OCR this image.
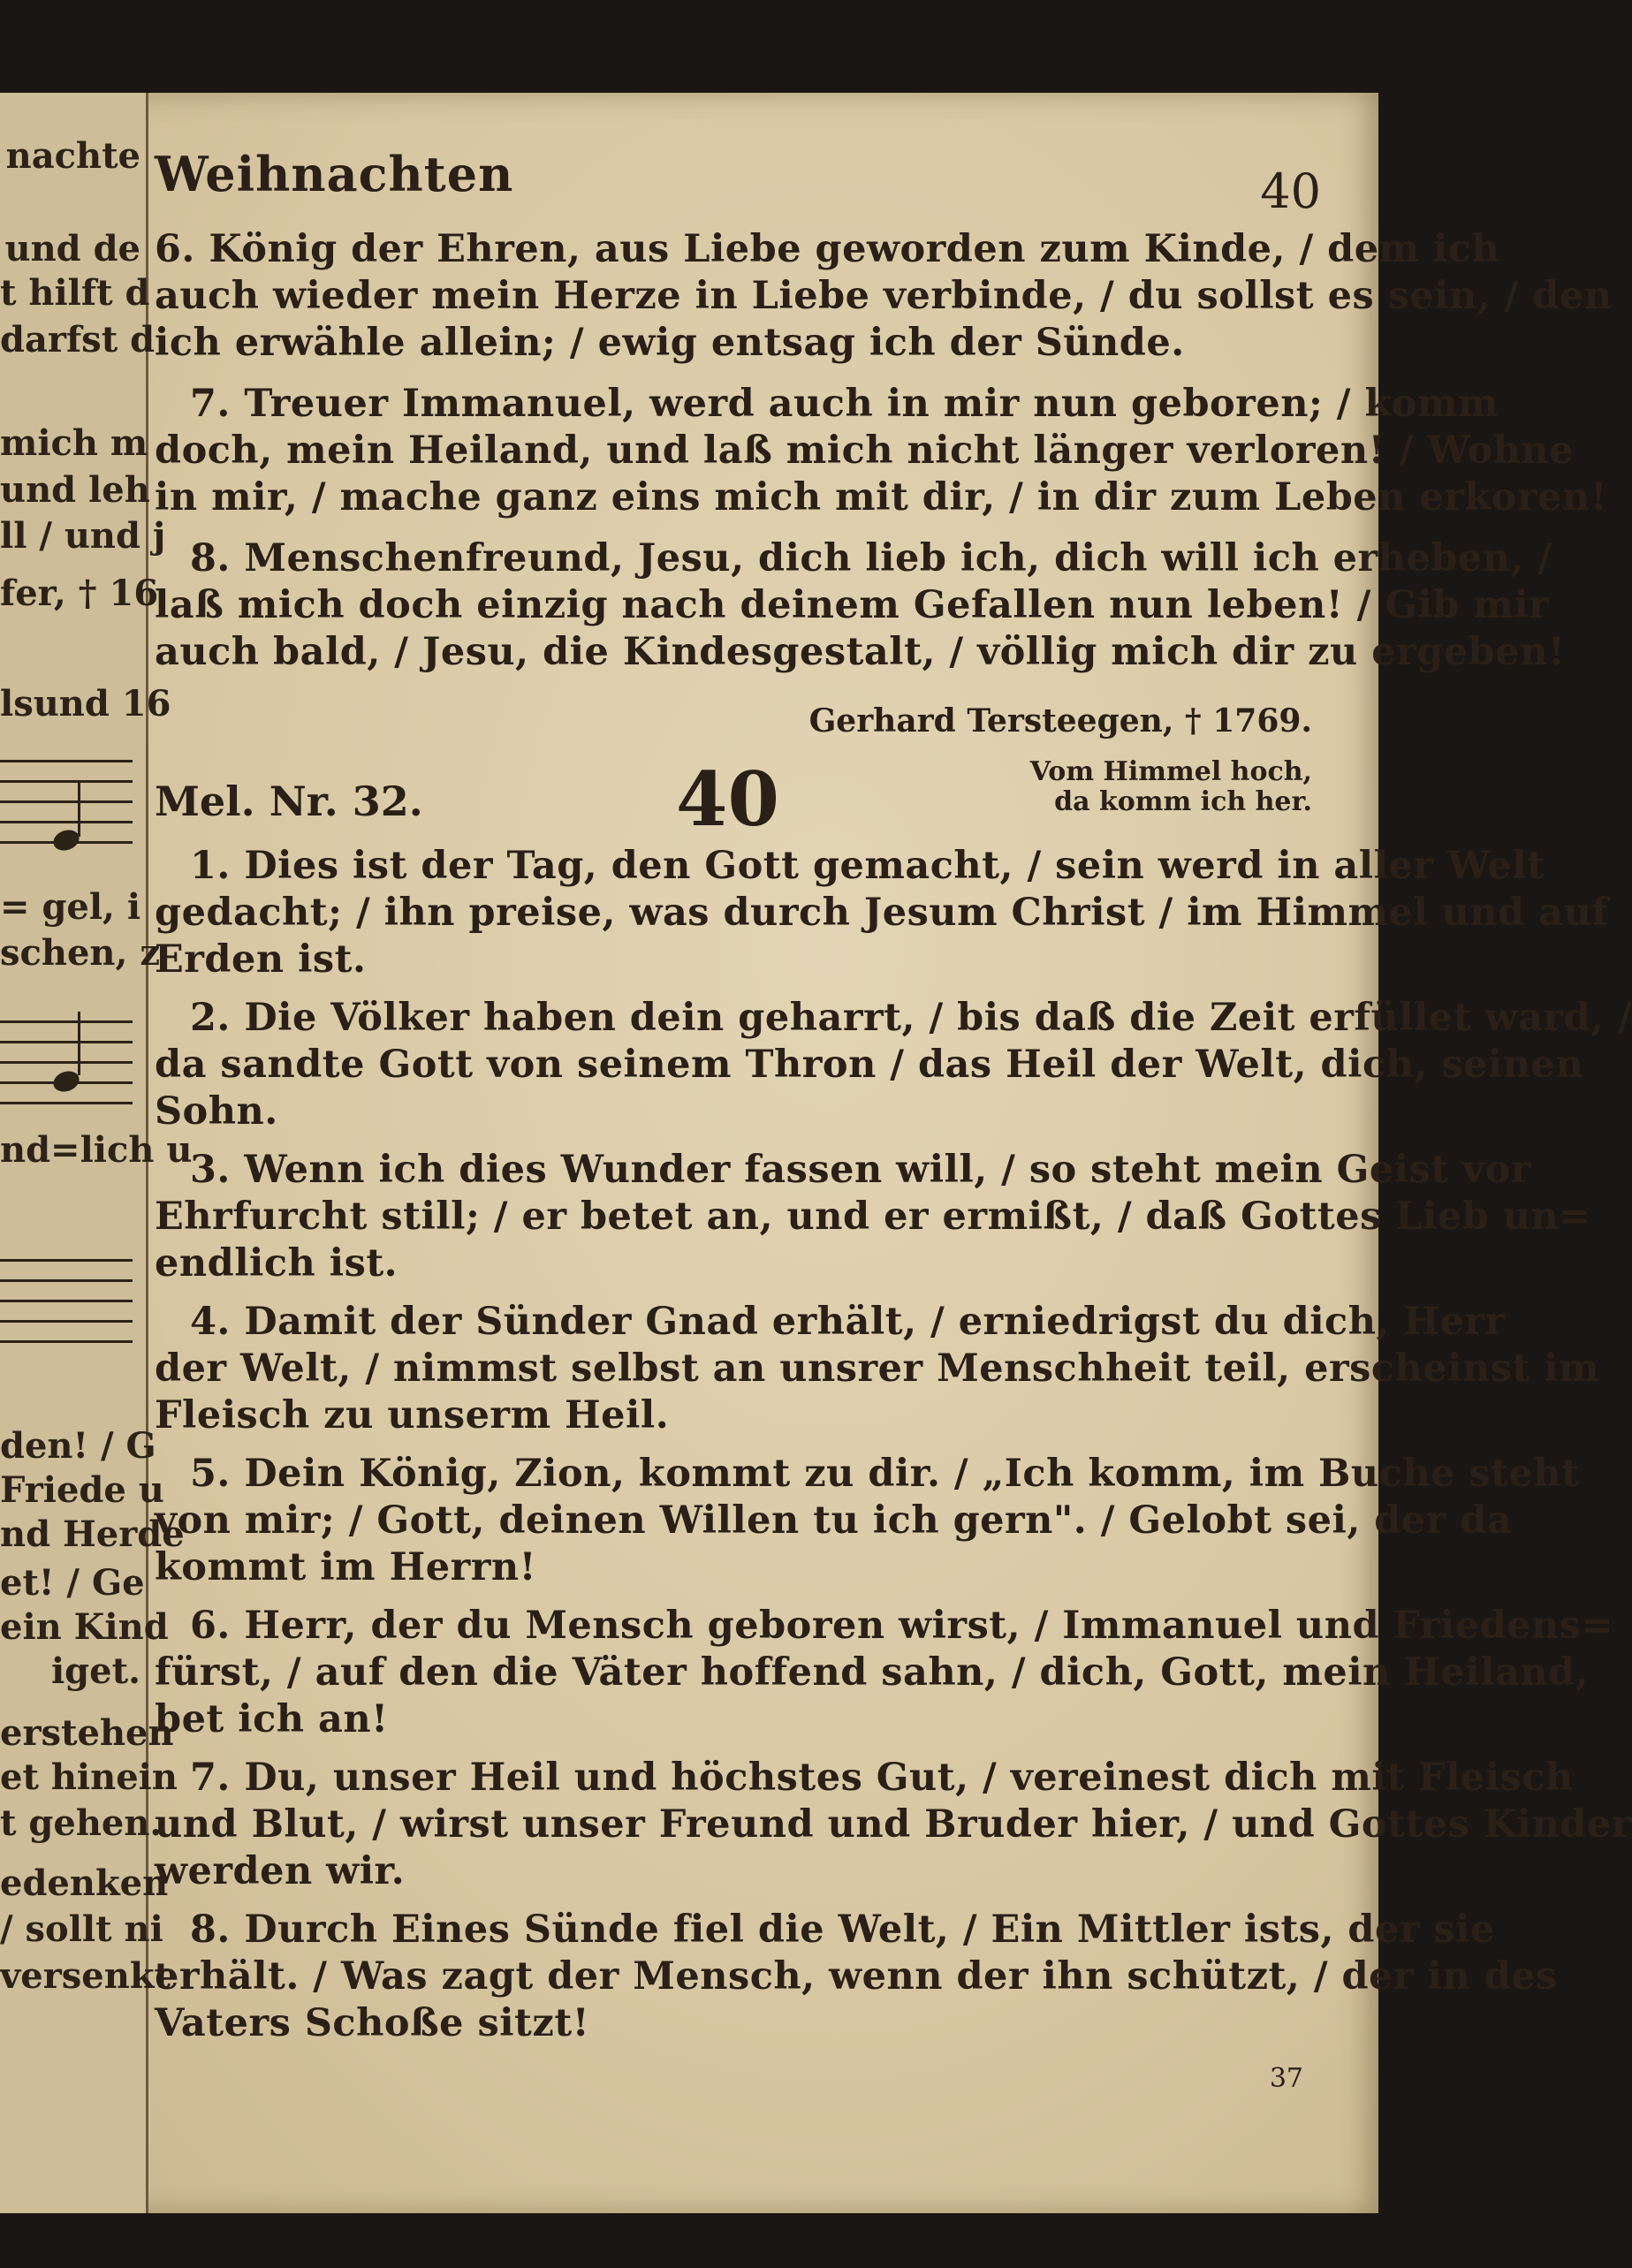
nachte
und de
t hilft d
darfst d
mich m
und leh
ll / und j
fer, † 16
lsund 16
= gel, i
schen, z
nd=lich u
den! / G
Friede u
nd Herde
et! / Ge
ein Kind
iget.
erstehen
et hinein
t gehen.
edenken
/ sollt ni
versenkt
Weihnachten	40
6. König der Ehren, aus Liebe geworden zum Kinde, / dem ich
auch wieder mein Herze in Liebe verbinde, / du sollst es sein, / den
ich erwähle allein; / ewig entsag ich der Sünde.
7. Treuer Immanuel, werd auch in mir nun geboren; / komm
doch, mein Heiland, und laß mich nicht länger verloren! / Wohne
in mir, / mache ganz eins mich mit dir, / in dir zum Leben erkoren!
8. Menschenfreund, Jesu, dich lieb ich, dich will ich erheben, /
laß mich doch einzig nach deinem Gefallen nun leben! / Gib mir
auch bald, / Jesu, die Kindesgestalt, / völlig mich dir zu ergeben!
Gerhard Tersteegen, † 1769.
Mel. Nr. 32.	40	Vom Himmel hoch,
da komm ich her.
1. Dies ist der Tag, den Gott gemacht, / sein werd in aller Welt
gedacht; / ihn preise, was durch Jesum Christ / im Himmel und auf
Erden ist.
2. Die Völker haben dein geharrt, / bis daß die Zeit erfüllet ward, /
da sandte Gott von seinem Thron / das Heil der Welt, dich, seinen
Sohn.
3. Wenn ich dies Wunder fassen will, / so steht mein Geist vor
Ehrfurcht still; / er betet an, und er ermißt, / daß Gottes Lieb un=
endlich ist.
4. Damit der Sünder Gnad erhält, / erniedrigst du dich, Herr
der Welt, / nimmst selbst an unsrer Menschheit teil, erscheinst im
Fleisch zu unserm Heil.
5. Dein König, Zion, kommt zu dir. / „Ich komm, im Buche steht
von mir; / Gott, deinen Willen tu ich gern". / Gelobt sei, der da
kommt im Herrn!
6. Herr, der du Mensch geboren wirst, / Immanuel und Friedens=
fürst, / auf den die Väter hoffend sahn, / dich, Gott, mein Heiland,
bet ich an!
7. Du, unser Heil und höchstes Gut, / vereinest dich mit Fleisch
und Blut, / wirst unser Freund und Bruder hier, / und Gottes Kinder
werden wir.
8. Durch Eines Sünde fiel die Welt, / Ein Mittler ists, der sie
erhält. / Was zagt der Mensch, wenn der ihn schützt, / der in des
Vaters Schoße sitzt!
37
